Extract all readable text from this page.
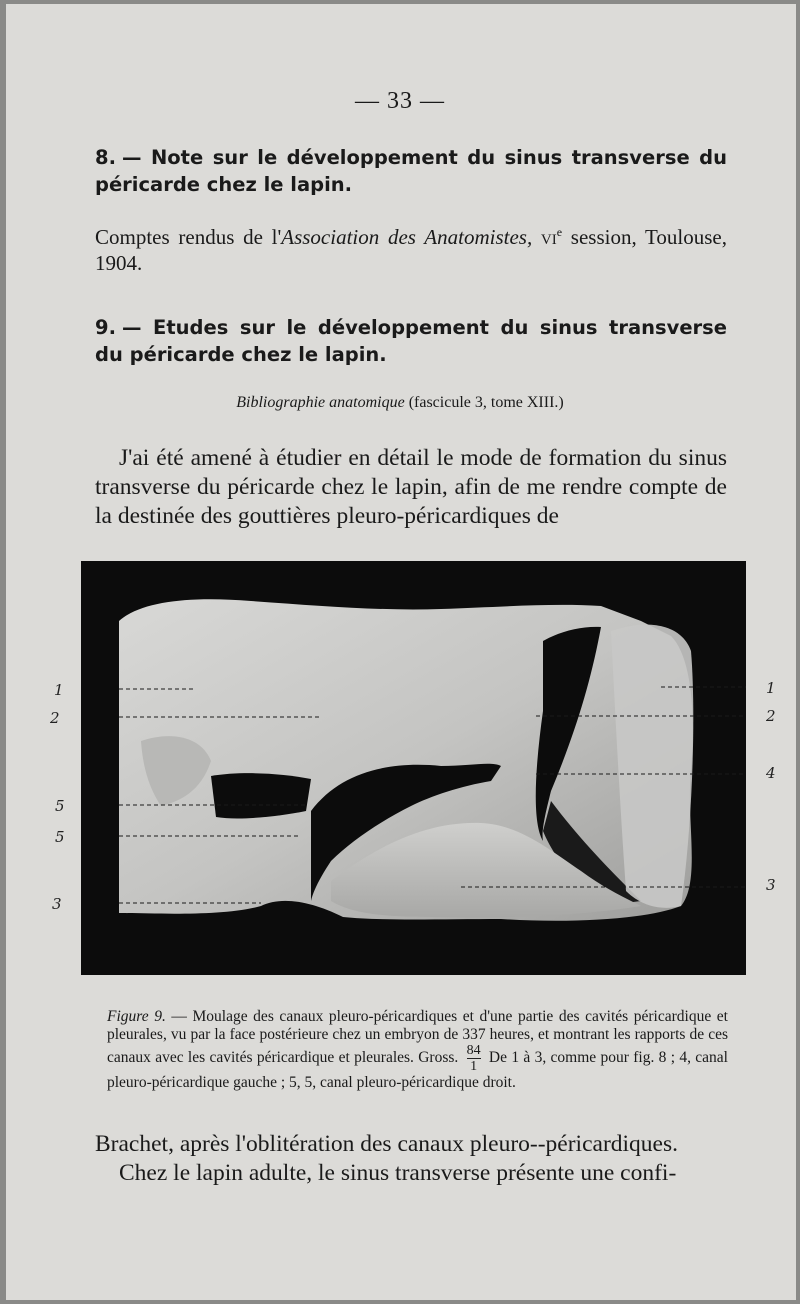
— 33 —
8. — Note sur le développement du sinus transverse du péricarde chez le lapin.
Comptes rendus de l'Association des Anatomistes, VIe session, Toulouse, 1904.
9. — Etudes sur le développement du sinus transverse du péricarde chez le lapin.
Bibliographie anatomique (fascicule 3, tome XIII.)
J'ai été amené à étudier en détail le mode de formation du sinus transverse du péricarde chez le lapin, afin de me rendre compte de la destinée des gouttières pleuro-péricardiques de
1
2
5
5
3
1
2
4
3
Figure 9. — Moulage des canaux pleuro-péricardiques et d'une partie des cavités péricardique et pleurales, vu par la face postérieure chez un embryon de 337 heures, et montrant les rapports de ces canaux avec les cavités péricardique et pleurales. Gross. $\frac{84}{1}$ De 1 à 3, comme pour fig. 8 ; 4, canal pleuro-péricardique gauche ; 5, 5, canal pleuro-péricardique droit.
Brachet, après l'oblitération des canaux pleuro--péricardiques.
Chez le lapin adulte, le sinus transverse présente une confi-
